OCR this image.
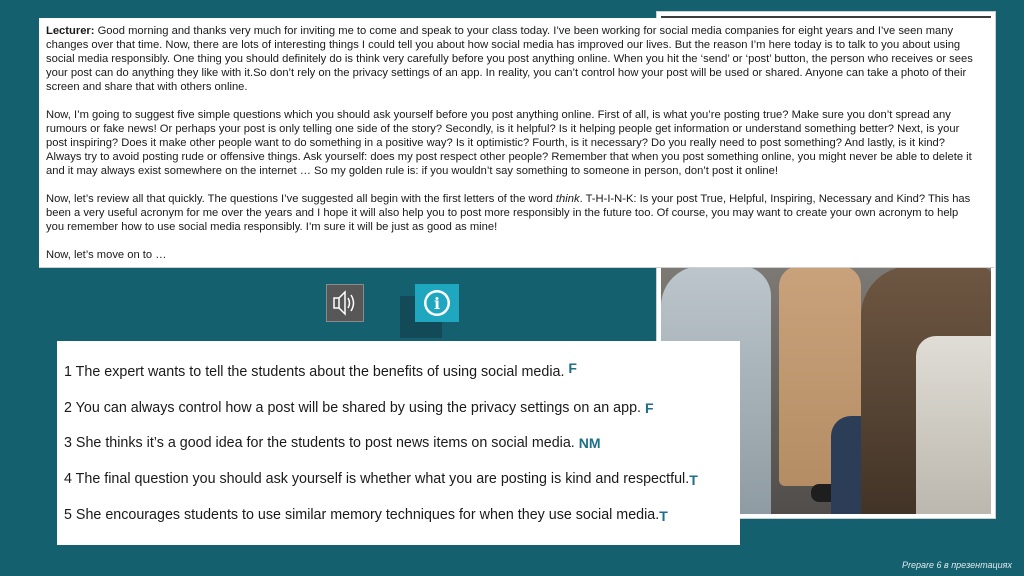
Lecturer: Good morning and thanks very much for inviting me to come and speak to your class today. I’ve been working for social media companies for eight years and I’ve seen many changes over that time. Now, there are lots of interesting things I could tell you about how social media has improved our lives. But the reason I’m here today is to talk to you about using social media responsibly. One thing you should definitely do is think very carefully before you post anything online. When you hit the ‘send’ or ‘post’ button, the person who receives or sees your post can do anything they like with it.So don’t rely on the privacy settings of an app. In reality, you can’t control how your post will be used or shared. Anyone can take a photo of their screen and share that with others online.

Now, I’m going to suggest five simple questions which you should ask yourself before you post anything online. First of all, is what you’re posting true? Make sure you don’t spread any rumours or fake news! Or perhaps your post is only telling one side of the story? Secondly, is it helpful? Is it helping people get information or understand something better? Next, is your post inspiring? Does it make other people want to do something in a positive way? Is it optimistic? Fourth, is it necessary? Do you really need to post something? And lastly, is it kind? Always try to avoid posting rude or offensive things. Ask yourself: does my post respect other people? Remember that when you post something online, you might never be able to delete it and it may always exist somewhere on the internet … So my golden rule is: if you wouldn’t say something to someone in person, don’t post it online!

Now, let’s review all that quickly. The questions I’ve suggested all begin with the first letters of the word think. T-H-I-N-K: Is your post True, Helpful, Inspiring, Necessary and Kind? This has been a very useful acronym for me over the years and I hope it will also help you to post more responsibly in the future too. Of course, you may want to create your own acronym to help you remember how to use social media responsibly. I’m sure it will be just as good as mine!

Now, let’s move on to …

i
1 The expert wants to tell the students about the benefits of using social media. F
2 You can always control how a post will be shared by using the privacy settings on an app. F
3 She thinks it’s a good idea for the students to post news items on social media. NM
4 The final question you should ask yourself is whether what you are posting is kind and respectful.T
5 She encourages students to use similar memory techniques for when they use social media.T
Prepare 6 в презентациях
